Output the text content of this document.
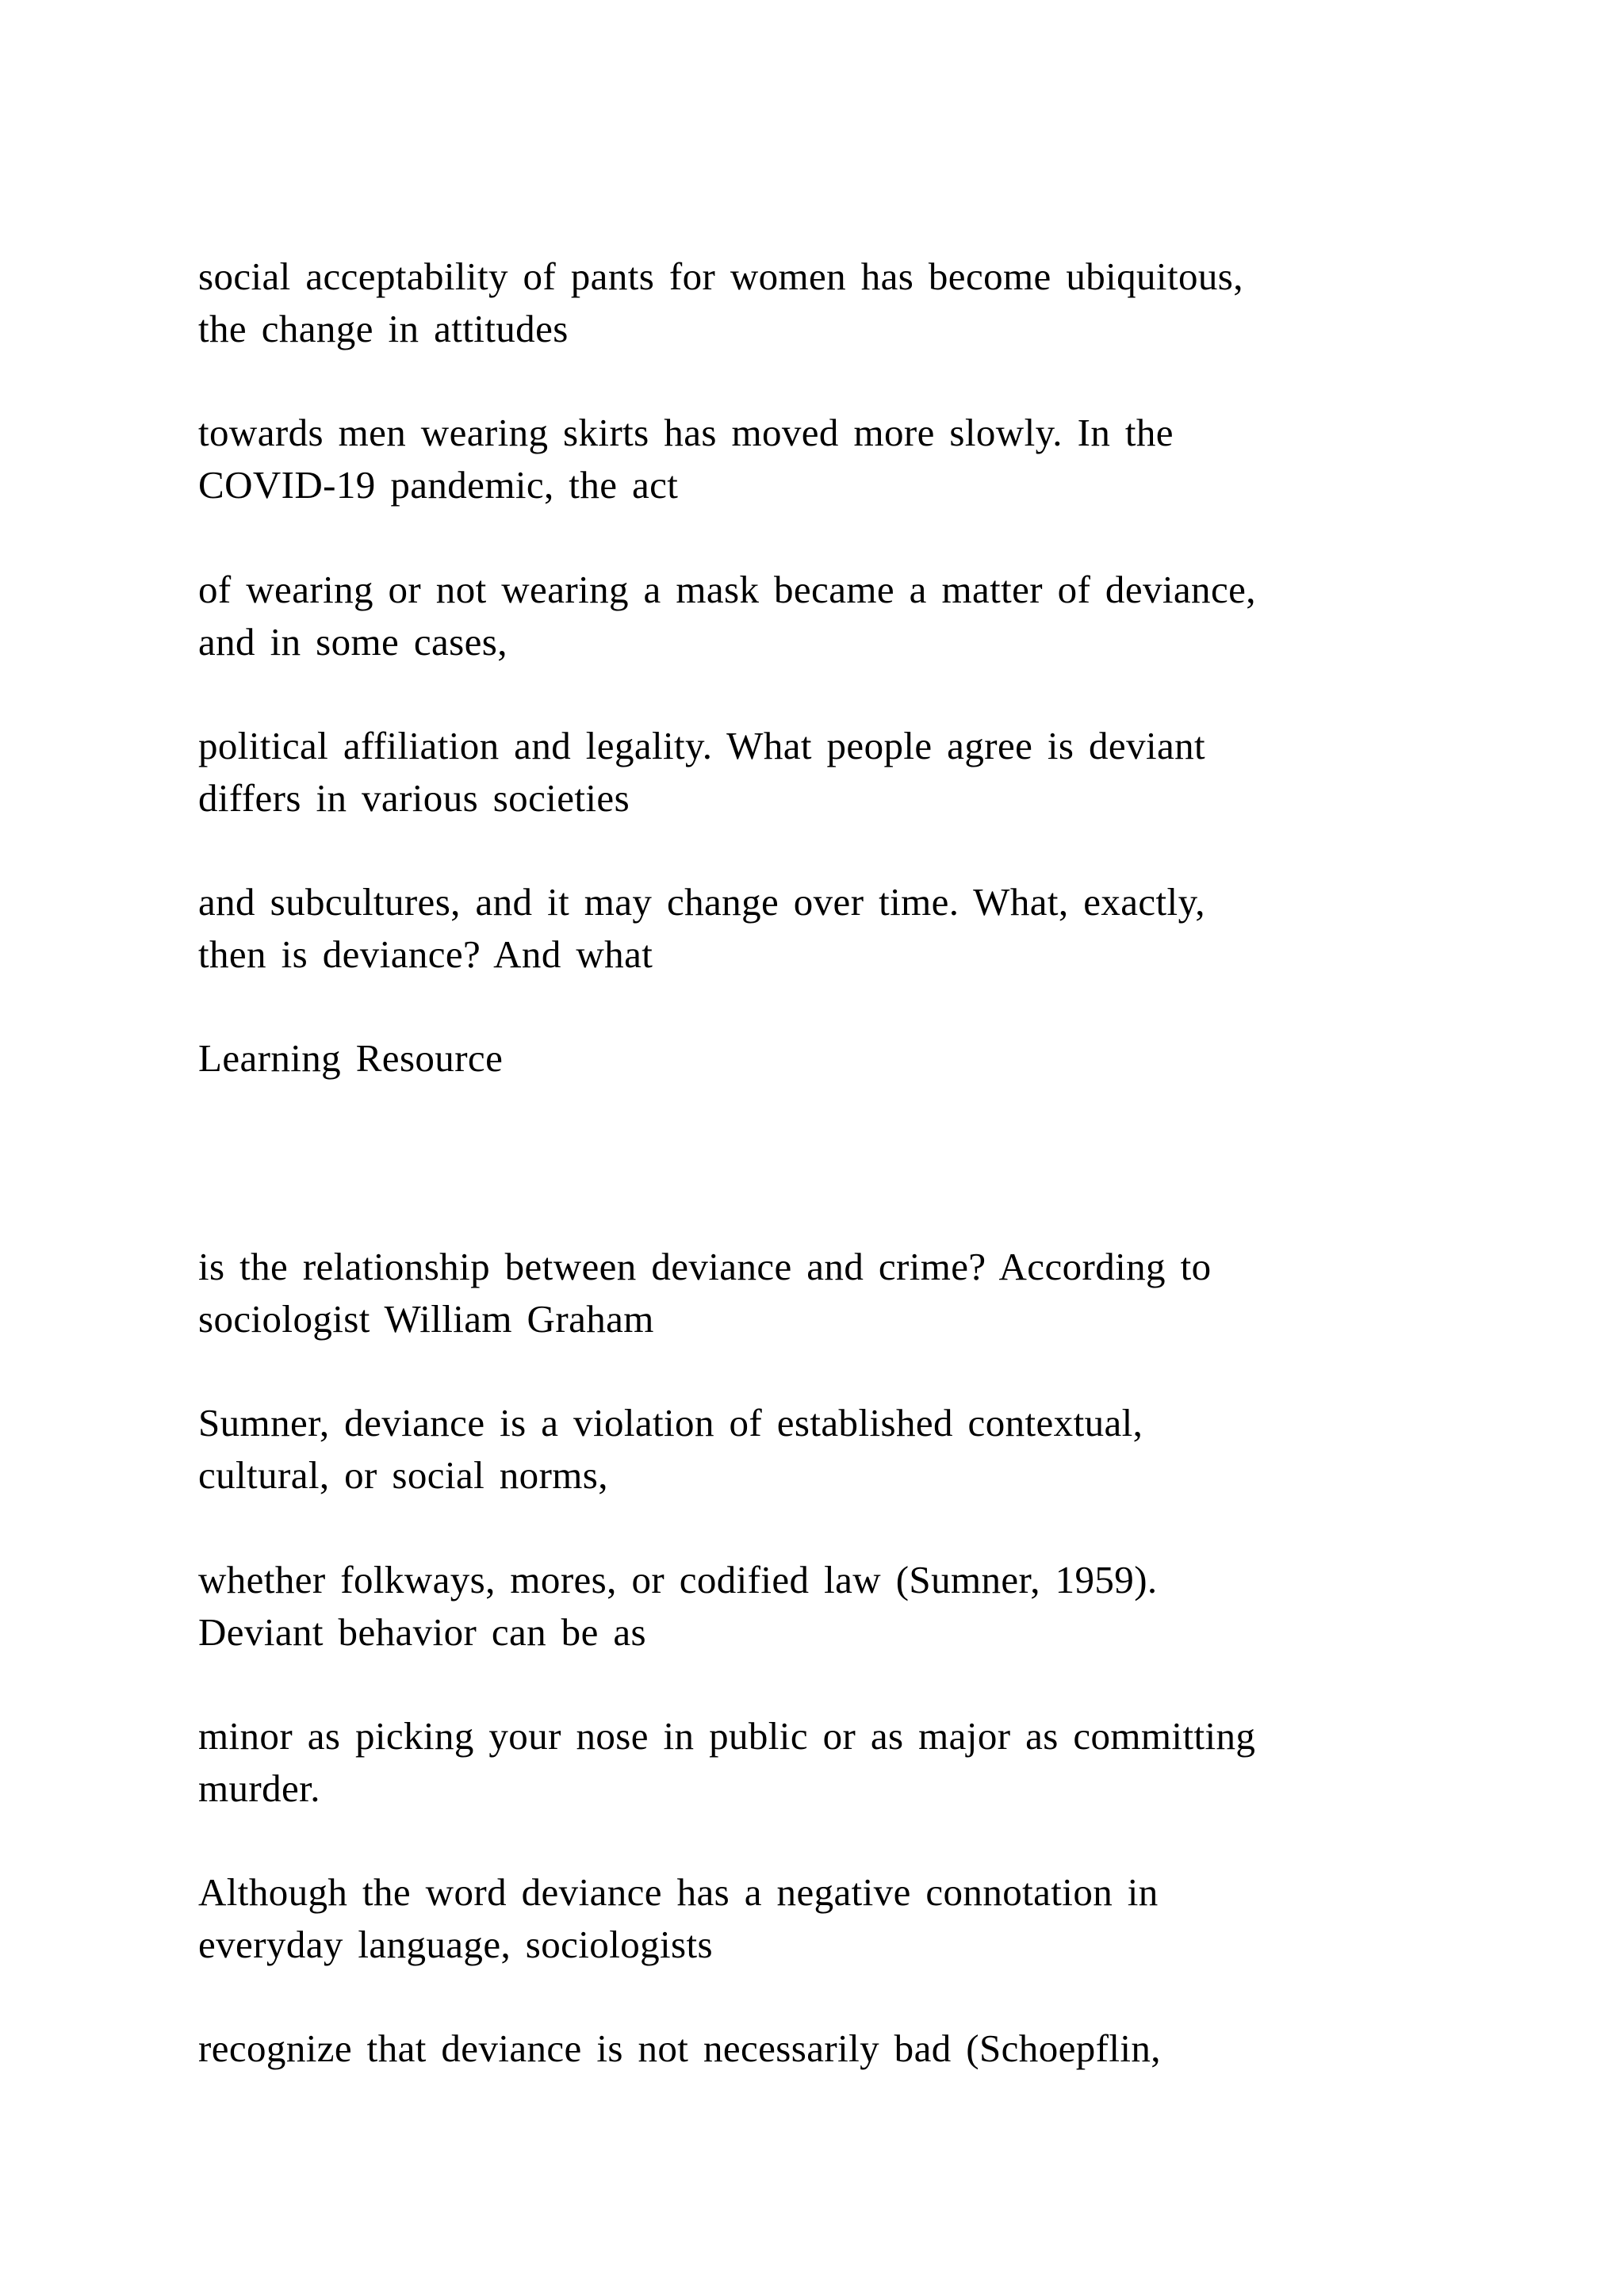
social acceptability of pants for women has become ubiquitous,

the change in attitudes

towards men wearing skirts has moved more slowly. In the

COVID-19 pandemic, the act

of wearing or not wearing a mask became a matter of deviance,

and in some cases,

political affiliation and legality. What people agree is deviant

differs in various societies

and subcultures, and it may change over time. What, exactly,

then is deviance? And what

Learning Resource

is the relationship between deviance and crime? According to

sociologist William Graham

Sumner, deviance is a violation of established contextual,

cultural, or social norms,

whether folkways, mores, or codified law (Sumner, 1959).

Deviant behavior can be as

minor as picking your nose in public or as major as committing

murder.

Although the word deviance has a negative connotation in

everyday language, sociologists

recognize that deviance is not necessarily bad (Schoepflin,
